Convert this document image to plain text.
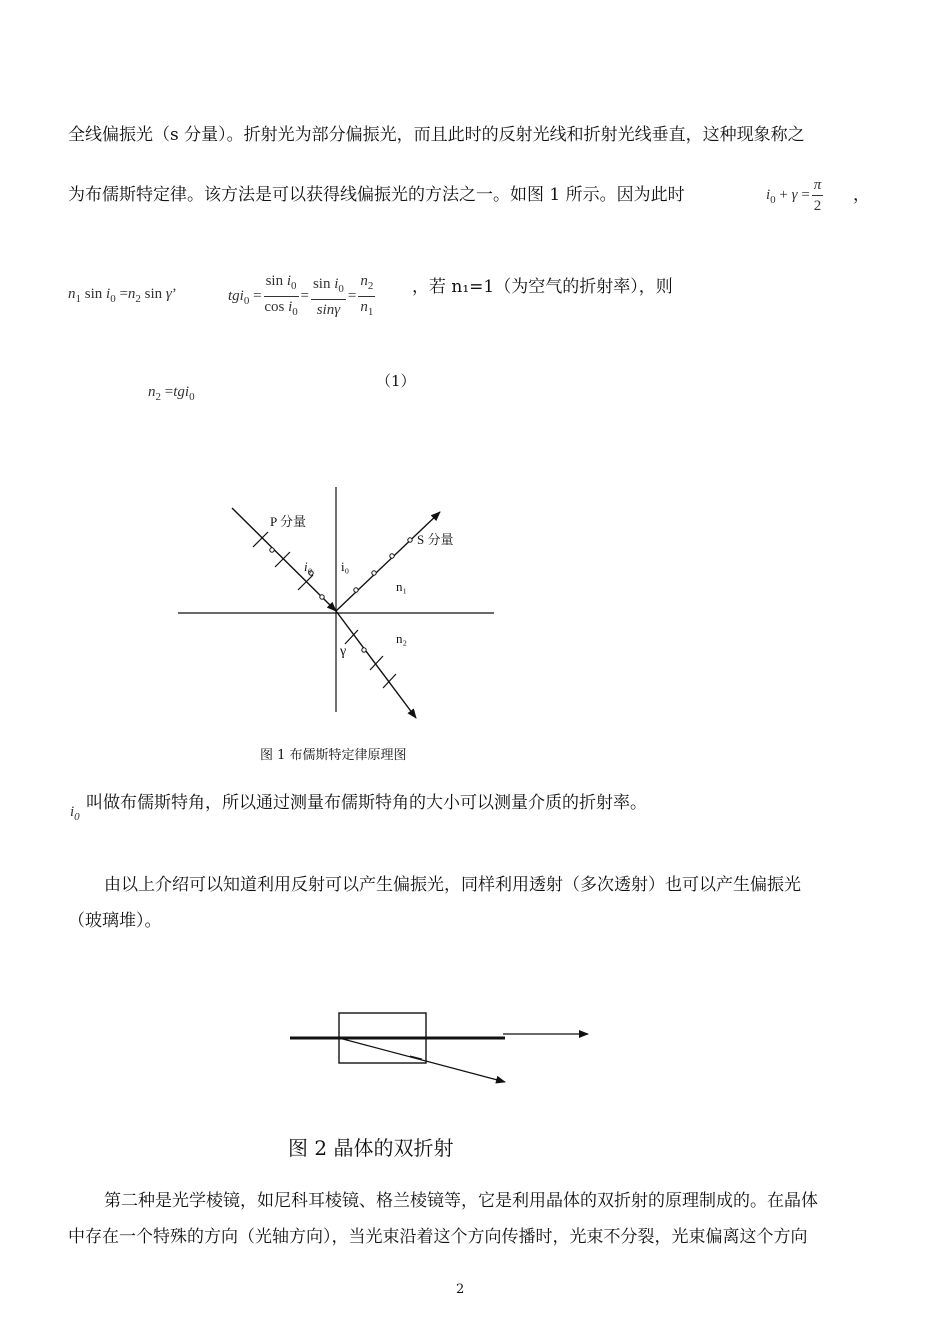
全线偏振光（s 分量）。折射光为部分偏振光，而且此时的反射光线和折射光线垂直，这种现象称之
为布儒斯特定律。该方法是可以获得线偏振光的方法之一。如图 1 所示。因为此时	$i_0 + \gamma = \frac{\pi}{2}$ ，
$n_1$ $\sin i_0 =n_2$ sin γ’	$tgi_0 = \frac{\sin i_0}{\cos i_0} = \frac{\sin i_0}{\sin\gamma} = \frac{n_2}{n_1}$ ，若 n₁=1（为空气的折射率），则
$n_2 =tgi_0$
（1）
P 分量
S 分量
i₀ i₀
n₁
n₂
γ
图 1 布儒斯特定律原理图
$i_0$
叫做布儒斯特角，所以通过测量布儒斯特角的大小可以测量介质的折射率。
由以上介绍可以知道利用反射可以产生偏振光，同样利用透射（多次透射）也可以产生偏振光
（玻璃堆）。
图 2 晶体的双折射
第二种是光学棱镜，如尼科耳棱镜、格兰棱镜等，它是利用晶体的双折射的原理制成的。在晶体
中存在一个特殊的方向（光轴方向），当光束沿着这个方向传播时，光束不分裂，光束偏离这个方向
2
